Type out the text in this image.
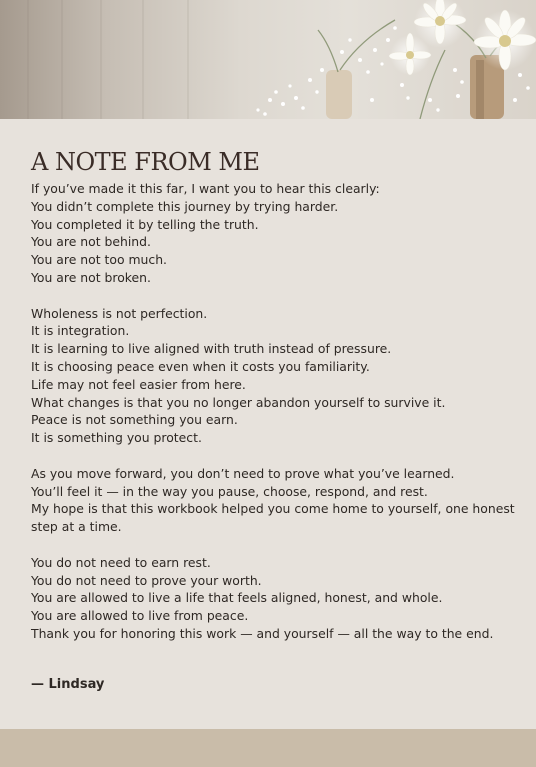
A NOTE FROM ME
If you’ve made it this far, I want you to hear this clearly:
You didn’t complete this journey by trying harder.
You completed it by telling the truth.
You are not behind.
You are not too much.
You are not broken.
Wholeness is not perfection.
It is integration.
It is learning to live aligned with truth instead of pressure.
It is choosing peace even when it costs you familiarity.
Life may not feel easier from here.
What changes is that you no longer abandon yourself to survive it.
Peace is not something you earn.
It is something you protect.
As you move forward, you don’t need to prove what you’ve learned.
You’ll feel it — in the way you pause, choose, respond, and rest.
My hope is that this workbook helped you come home to yourself, one honest step at a time.
You do not need to earn rest.
You do not need to prove your worth.
You are allowed to live a life that feels aligned, honest, and whole.
You are allowed to live from peace.
Thank you for honoring this work — and yourself — all the way to the end.
— Lindsay
